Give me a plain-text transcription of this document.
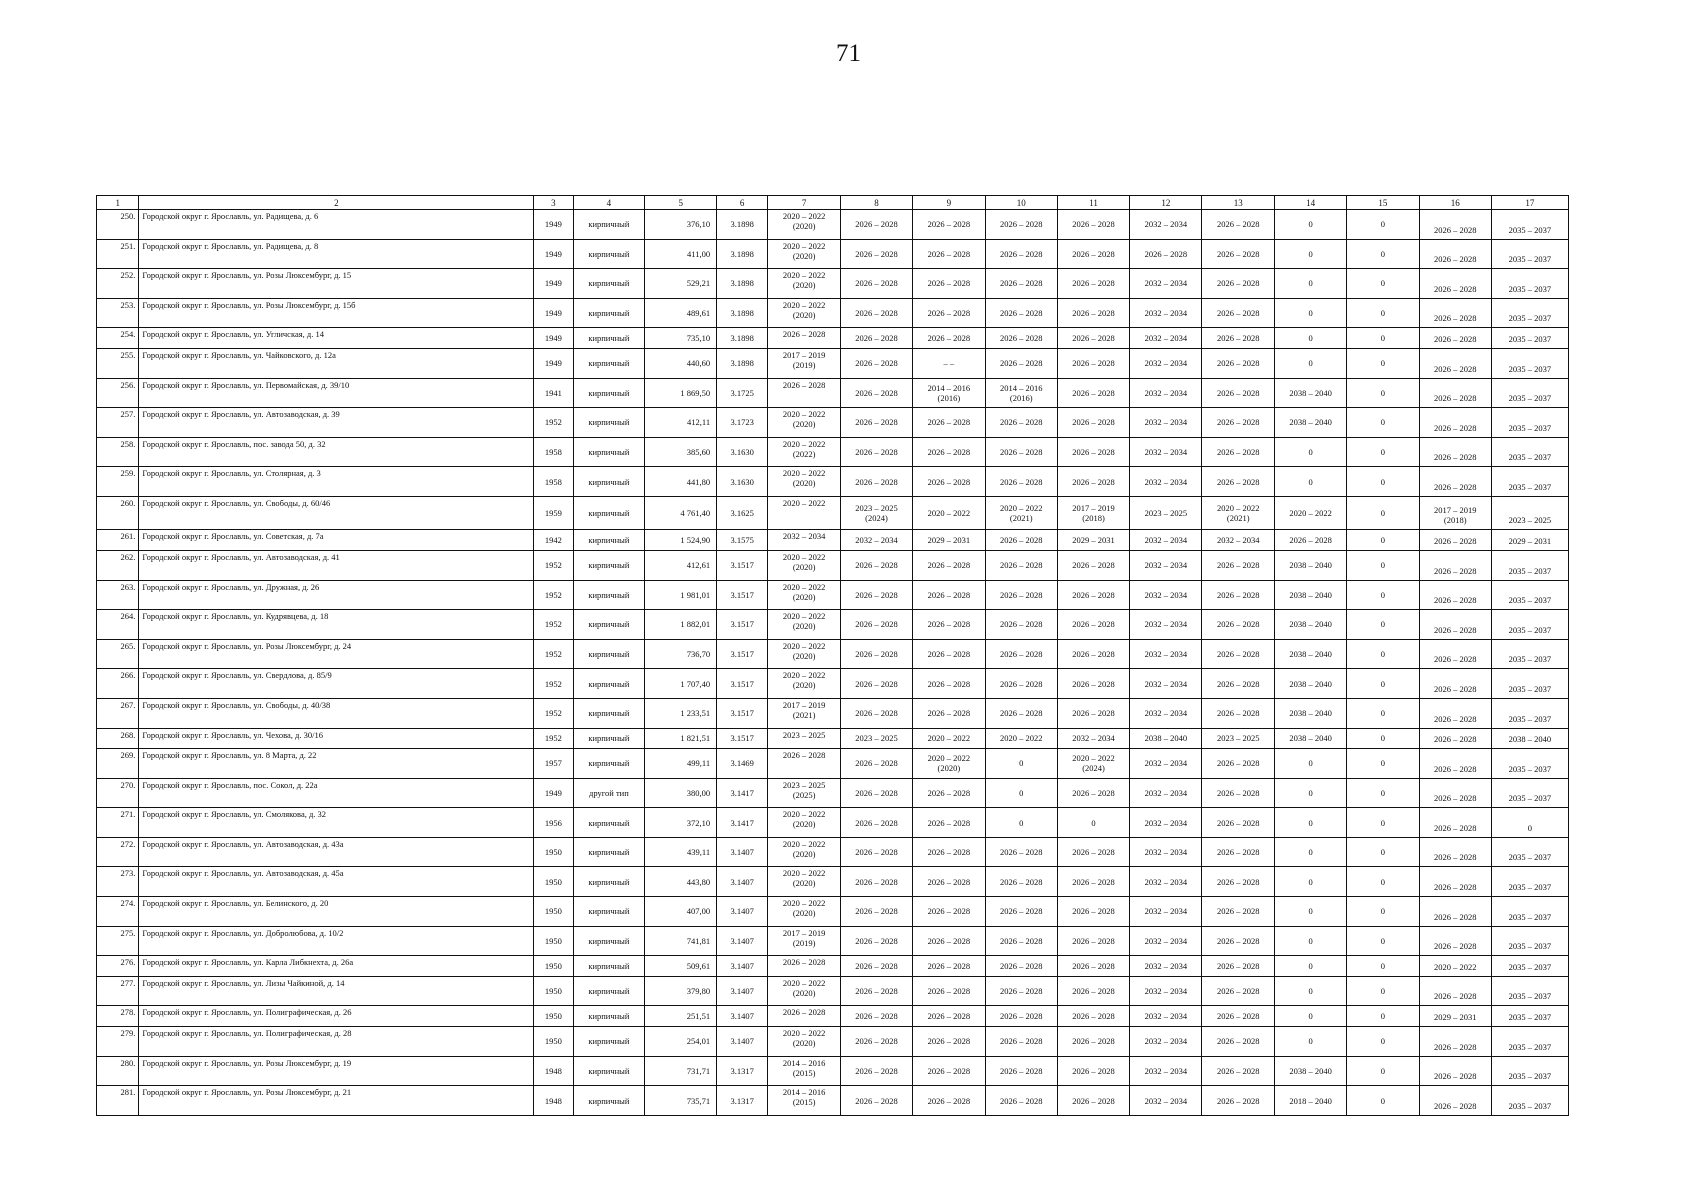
71
1	2	3	4	5	6	7	8	9	10	11	12	13	14	15	16	17
250.	Городской округ г. Ярославль, ул. Радищева, д. 6	1949	кирпичный	376,10	3.1898	2020 – 2022
(2020)	2026 – 2028	2026 – 2028	2026 – 2028	2026 – 2028	2032 – 2034	2026 – 2028	0	0	2026 – 2028	2035 – 2037
251.	Городской округ г. Ярославль, ул. Радищева, д. 8	1949	кирпичный	411,00	3.1898	2020 – 2022
(2020)	2026 – 2028	2026 – 2028	2026 – 2028	2026 – 2028	2026 – 2028	2026 – 2028	0	0	2026 – 2028	2035 – 2037
252.	Городской округ г. Ярославль, ул. Розы Люксембург, д. 15	1949	кирпичный	529,21	3.1898	2020 – 2022
(2020)	2026 – 2028	2026 – 2028	2026 – 2028	2026 – 2028	2032 – 2034	2026 – 2028	0	0	2026 – 2028	2035 – 2037
253.	Городской округ г. Ярославль, ул. Розы Люксембург, д. 15б	1949	кирпичный	489,61	3.1898	2020 – 2022
(2020)	2026 – 2028	2026 – 2028	2026 – 2028	2026 – 2028	2032 – 2034	2026 – 2028	0	0	2026 – 2028	2035 – 2037
254.	Городской округ г. Ярославль, ул. Угличская, д. 14	1949	кирпичный	735,10	3.1898	2026 – 2028	2026 – 2028	2026 – 2028	2026 – 2028	2026 – 2028	2032 – 2034	2026 – 2028	0	0	2026 – 2028	2035 – 2037
255.	Городской округ г. Ярославль, ул. Чайковского, д. 12а	1949	кирпичный	440,60	3.1898	2017 – 2019
(2019)	2026 – 2028	– –	2026 – 2028	2026 – 2028	2032 – 2034	2026 – 2028	0	0	2026 – 2028	2035 – 2037
256.	Городской округ г. Ярославль, ул. Первомайская, д. 39/10	1941	кирпичный	1 869,50	3.1725	2026 – 2028	2026 – 2028	2014 – 2016
(2016)	2014 – 2016
(2016)	2026 – 2028	2032 – 2034	2026 – 2028	2038 – 2040	0	2026 – 2028	2035 – 2037
257.	Городской округ г. Ярославль, ул. Автозаводская, д. 39	1952	кирпичный	412,11	3.1723	2020 – 2022
(2020)	2026 – 2028	2026 – 2028	2026 – 2028	2026 – 2028	2032 – 2034	2026 – 2028	2038 – 2040	0	2026 – 2028	2035 – 2037
258.	Городской округ г. Ярославль, пос. завода 50, д. 32	1958	кирпичный	385,60	3.1630	2020 – 2022
(2022)	2026 – 2028	2026 – 2028	2026 – 2028	2026 – 2028	2032 – 2034	2026 – 2028	0	0	2026 – 2028	2035 – 2037
259.	Городской округ г. Ярославль, ул. Столярная, д. 3	1958	кирпичный	441,80	3.1630	2020 – 2022
(2020)	2026 – 2028	2026 – 2028	2026 – 2028	2026 – 2028	2032 – 2034	2026 – 2028	0	0	2026 – 2028	2035 – 2037
260.	Городской округ г. Ярославль, ул. Свободы, д. 60/46	1959	кирпичный	4 761,40	3.1625	2020 – 2022	2023 – 2025
(2024)	2020 – 2022	2020 – 2022
(2021)	2017 – 2019
(2018)	2023 – 2025	2020 – 2022
(2021)	2020 – 2022	0	2017 – 2019
(2018)	2023 – 2025
261.	Городской округ г. Ярославль, ул. Советская, д. 7а	1942	кирпичный	1 524,90	3.1575	2032 – 2034	2032 – 2034	2029 – 2031	2026 – 2028	2029 – 2031	2032 – 2034	2032 – 2034	2026 – 2028	0	2026 – 2028	2029 – 2031
262.	Городской округ г. Ярославль, ул. Автозаводская, д. 41	1952	кирпичный	412,61	3.1517	2020 – 2022
(2020)	2026 – 2028	2026 – 2028	2026 – 2028	2026 – 2028	2032 – 2034	2026 – 2028	2038 – 2040	0	2026 – 2028	2035 – 2037
263.	Городской округ г. Ярославль, ул. Дружная, д. 26	1952	кирпичный	1 981,01	3.1517	2020 – 2022
(2020)	2026 – 2028	2026 – 2028	2026 – 2028	2026 – 2028	2032 – 2034	2026 – 2028	2038 – 2040	0	2026 – 2028	2035 – 2037
264.	Городской округ г. Ярославль, ул. Кудрявцева, д. 18	1952	кирпичный	1 882,01	3.1517	2020 – 2022
(2020)	2026 – 2028	2026 – 2028	2026 – 2028	2026 – 2028	2032 – 2034	2026 – 2028	2038 – 2040	0	2026 – 2028	2035 – 2037
265.	Городской округ г. Ярославль, ул. Розы Люксембург, д. 24	1952	кирпичный	736,70	3.1517	2020 – 2022
(2020)	2026 – 2028	2026 – 2028	2026 – 2028	2026 – 2028	2032 – 2034	2026 – 2028	2038 – 2040	0	2026 – 2028	2035 – 2037
266.	Городской округ г. Ярославль, ул. Свердлова, д. 85/9	1952	кирпичный	1 707,40	3.1517	2020 – 2022
(2020)	2026 – 2028	2026 – 2028	2026 – 2028	2026 – 2028	2032 – 2034	2026 – 2028	2038 – 2040	0	2026 – 2028	2035 – 2037
267.	Городской округ г. Ярославль, ул. Свободы, д. 40/38	1952	кирпичный	1 233,51	3.1517	2017 – 2019
(2021)	2026 – 2028	2026 – 2028	2026 – 2028	2026 – 2028	2032 – 2034	2026 – 2028	2038 – 2040	0	2026 – 2028	2035 – 2037
268.	Городской округ г. Ярославль, ул. Чехова, д. 30/16	1952	кирпичный	1 821,51	3.1517	2023 – 2025	2023 – 2025	2020 – 2022	2020 – 2022	2032 – 2034	2038 – 2040	2023 – 2025	2038 – 2040	0	2026 – 2028	2038 – 2040
269.	Городской округ г. Ярославль, ул. 8 Марта, д. 22	1957	кирпичный	499,11	3.1469	2026 – 2028	2026 – 2028	2020 – 2022
(2020)	0	2020 – 2022
(2024)	2032 – 2034	2026 – 2028	0	0	2026 – 2028	2035 – 2037
270.	Городской округ г. Ярославль, пос. Сокол, д. 22а	1949	другой тип	380,00	3.1417	2023 – 2025
(2025)	2026 – 2028	2026 – 2028	0	2026 – 2028	2032 – 2034	2026 – 2028	0	0	2026 – 2028	2035 – 2037
271.	Городской округ г. Ярославль, ул. Смолякова, д. 32	1956	кирпичный	372,10	3.1417	2020 – 2022
(2020)	2026 – 2028	2026 – 2028	0	0	2032 – 2034	2026 – 2028	0	0	2026 – 2028	0
272.	Городской округ г. Ярославль, ул. Автозаводская, д. 43а	1950	кирпичный	439,11	3.1407	2020 – 2022
(2020)	2026 – 2028	2026 – 2028	2026 – 2028	2026 – 2028	2032 – 2034	2026 – 2028	0	0	2026 – 2028	2035 – 2037
273.	Городской округ г. Ярославль, ул. Автозаводская, д. 45а	1950	кирпичный	443,80	3.1407	2020 – 2022
(2020)	2026 – 2028	2026 – 2028	2026 – 2028	2026 – 2028	2032 – 2034	2026 – 2028	0	0	2026 – 2028	2035 – 2037
274.	Городской округ г. Ярославль, ул. Белинского, д. 20	1950	кирпичный	407,00	3.1407	2020 – 2022
(2020)	2026 – 2028	2026 – 2028	2026 – 2028	2026 – 2028	2032 – 2034	2026 – 2028	0	0	2026 – 2028	2035 – 2037
275.	Городской округ г. Ярославль, ул. Добролюбова, д. 10/2	1950	кирпичный	741,81	3.1407	2017 – 2019
(2019)	2026 – 2028	2026 – 2028	2026 – 2028	2026 – 2028	2032 – 2034	2026 – 2028	0	0	2026 – 2028	2035 – 2037
276.	Городской округ г. Ярославль, ул. Карла Либкнехта, д. 26а	1950	кирпичный	509,61	3.1407	2026 – 2028	2026 – 2028	2026 – 2028	2026 – 2028	2026 – 2028	2032 – 2034	2026 – 2028	0	0	2020 – 2022	2035 – 2037
277.	Городской округ г. Ярославль, ул. Лизы Чайкиной, д. 14	1950	кирпичный	379,80	3.1407	2020 – 2022
(2020)	2026 – 2028	2026 – 2028	2026 – 2028	2026 – 2028	2032 – 2034	2026 – 2028	0	0	2026 – 2028	2035 – 2037
278.	Городской округ г. Ярославль, ул. Полиграфическая, д. 26	1950	кирпичный	251,51	3.1407	2026 – 2028	2026 – 2028	2026 – 2028	2026 – 2028	2026 – 2028	2032 – 2034	2026 – 2028	0	0	2029 – 2031	2035 – 2037
279.	Городской округ г. Ярославль, ул. Полиграфическая, д. 28	1950	кирпичный	254,01	3.1407	2020 – 2022
(2020)	2026 – 2028	2026 – 2028	2026 – 2028	2026 – 2028	2032 – 2034	2026 – 2028	0	0	2026 – 2028	2035 – 2037
280.	Городской округ г. Ярославль, ул. Розы Люксембург, д. 19	1948	кирпичный	731,71	3.1317	2014 – 2016
(2015)	2026 – 2028	2026 – 2028	2026 – 2028	2026 – 2028	2032 – 2034	2026 – 2028	2038 – 2040	0	2026 – 2028	2035 – 2037
281.	Городской округ г. Ярославль, ул. Розы Люксембург, д. 21	1948	кирпичный	735,71	3.1317	2014 – 2016
(2015)	2026 – 2028	2026 – 2028	2026 – 2028	2026 – 2028	2032 – 2034	2026 – 2028	2018 – 2040	0	2026 – 2028	2035 – 2037
